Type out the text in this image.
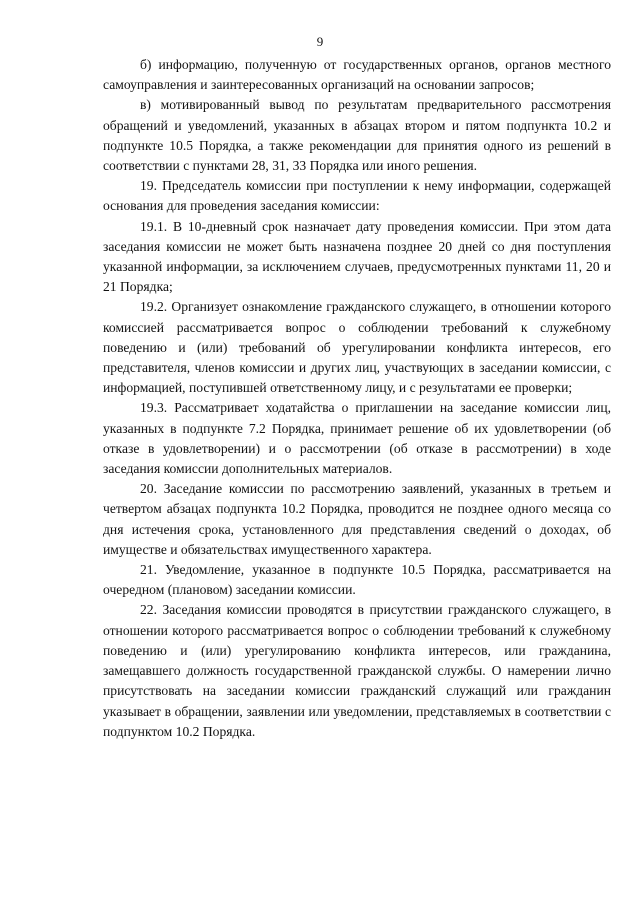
9

б) информацию, полученную от государственных органов, органов местного самоуправления и заинтересованных организаций на основании запросов;

в) мотивированный вывод по результатам предварительного рассмотрения обращений и уведомлений, указанных в абзацах втором и пятом подпункта 10.2 и подпункте 10.5 Порядка, а также рекомендации для принятия одного из решений в соответствии с пунктами 28, 31, 33 Порядка или иного решения.

19. Председатель комиссии при поступлении к нему информации, содержащей основания для проведения заседания комиссии:

19.1. В 10-дневный срок назначает дату проведения комиссии. При этом дата заседания комиссии не может быть назначена позднее 20 дней со дня поступления указанной информации, за исключением случаев, предусмотренных пунктами 11, 20 и 21 Порядка;

19.2. Организует ознакомление гражданского служащего, в отношении которого комиссией рассматривается вопрос о соблюдении требований к служебному поведению и (или) требований об урегулировании конфликта интересов, его представителя, членов комиссии и других лиц, участвующих в заседании комиссии, с информацией, поступившей ответственному лицу, и с результатами ее проверки;

19.3. Рассматривает ходатайства о приглашении на заседание комиссии лиц, указанных в подпункте 7.2 Порядка, принимает решение об их удовлетворении (об отказе в удовлетворении) и о рассмотрении (об отказе в рассмотрении) в ходе заседания комиссии дополнительных материалов.

20. Заседание комиссии по рассмотрению заявлений, указанных в третьем и четвертом абзацах подпункта 10.2 Порядка, проводится не позднее одного месяца со дня истечения срока, установленного для представления сведений о доходах, об имуществе и обязательствах имущественного характера.

21. Уведомление, указанное в подпункте 10.5 Порядка, рассматривается на очередном (плановом) заседании комиссии.

22. Заседания комиссии проводятся в присутствии гражданского служащего, в отношении которого рассматривается вопрос о соблюдении требований к служебному поведению и (или) урегулированию конфликта интересов, или гражданина, замещавшего должность государственной гражданской службы. О намерении лично присутствовать на заседании комиссии гражданский служащий или гражданин указывает в обращении, заявлении или уведомлении, представляемых в соответствии с подпунктом 10.2 Порядка.
